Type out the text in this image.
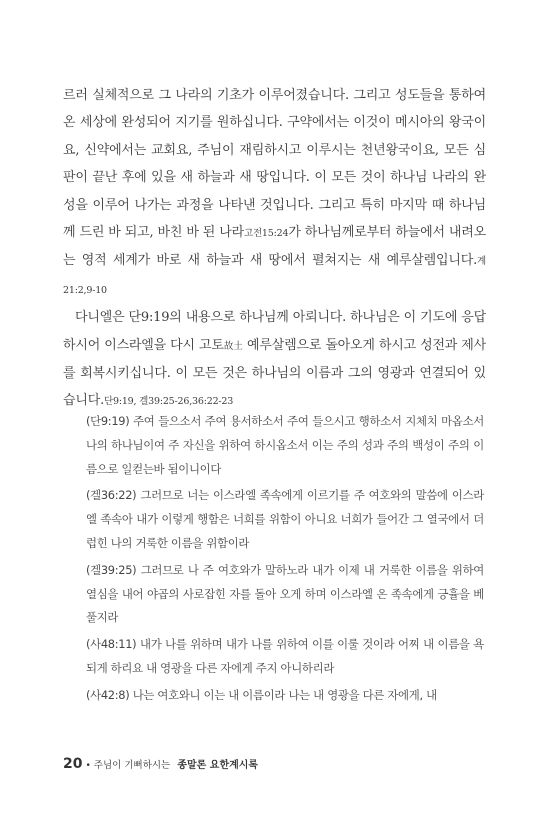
르러 실체적으로 그 나라의 기초가 이루어졌습니다. 그리고 성도들을 통하여 온 세상에 완성되어 지기를 원하십니다. 구약에서는 이것이 메시아의 왕국이요, 신약에서는 교회요, 주님이 재림하시고 이루시는 천년왕국이요, 모든 심판이 끝난 후에 있을 새 하늘과 새 땅입니다. 이 모든 것이 하나님 나라의 완성을 이루어 나가는 과정을 나타낸 것입니다. 그리고 특히 마지막 때 하나님께 드린 바 되고, 바친 바 된 나라고전15:24가 하나님께로부터 하늘에서 내려오는 영적 세계가 바로 새 하늘과 새 땅에서 펼쳐지는 새 예루살렘입니다.계21:2,9-10

다니엘은 단9:19의 내용으로 하나님께 아뢰니다. 하나님은 이 기도에 응답하시어 이스라엘을 다시 고토故土 예루살렘으로 돌아오게 하시고 성전과 제사를 회복시키십니다. 이 모든 것은 하나님의 이름과 그의 영광과 연결되어 있습니다.단9:19, 겔39:25-26,36:22-23

(단9:19) 주여 들으소서 주여 용서하소서 주여 들으시고 행하소서 지체치 마옵소서 나의 하나님이여 주 자신을 위하여 하시옵소서 이는 주의 성과 주의 백성이 주의 이름으로 일컫는바 됨이니이다

(겔36:22) 그러므로 너는 이스라엘 족속에게 이르기를 주 여호와의 말씀에 이스라엘 족속아 내가 이렇게 행함은 너희를 위함이 아니요 너희가 들어간 그 열국에서 더럽힌 나의 거룩한 이름을 위함이라

(겔39:25) 그러므로 나 주 여호와가 말하노라 내가 이제 내 거룩한 이름을 위하여 열심을 내어 야곱의 사로잡힌 자를 돌아 오게 하며 이스라엘 온 족속에게 긍휼을 베풀지라

(사48:11) 내가 나를 위하며 내가 나를 위하여 이를 이룰 것이라 어찌 내 이름을 욕되게 하리요 내 영광을 다른 자에게 주지 아니하리라

(사42:8) 나는 여호와니 이는 내 이름이라 나는 내 영광을 다른 자에게, 내

20 • 주님이 기뻐하시는 종말론 요한계시록
